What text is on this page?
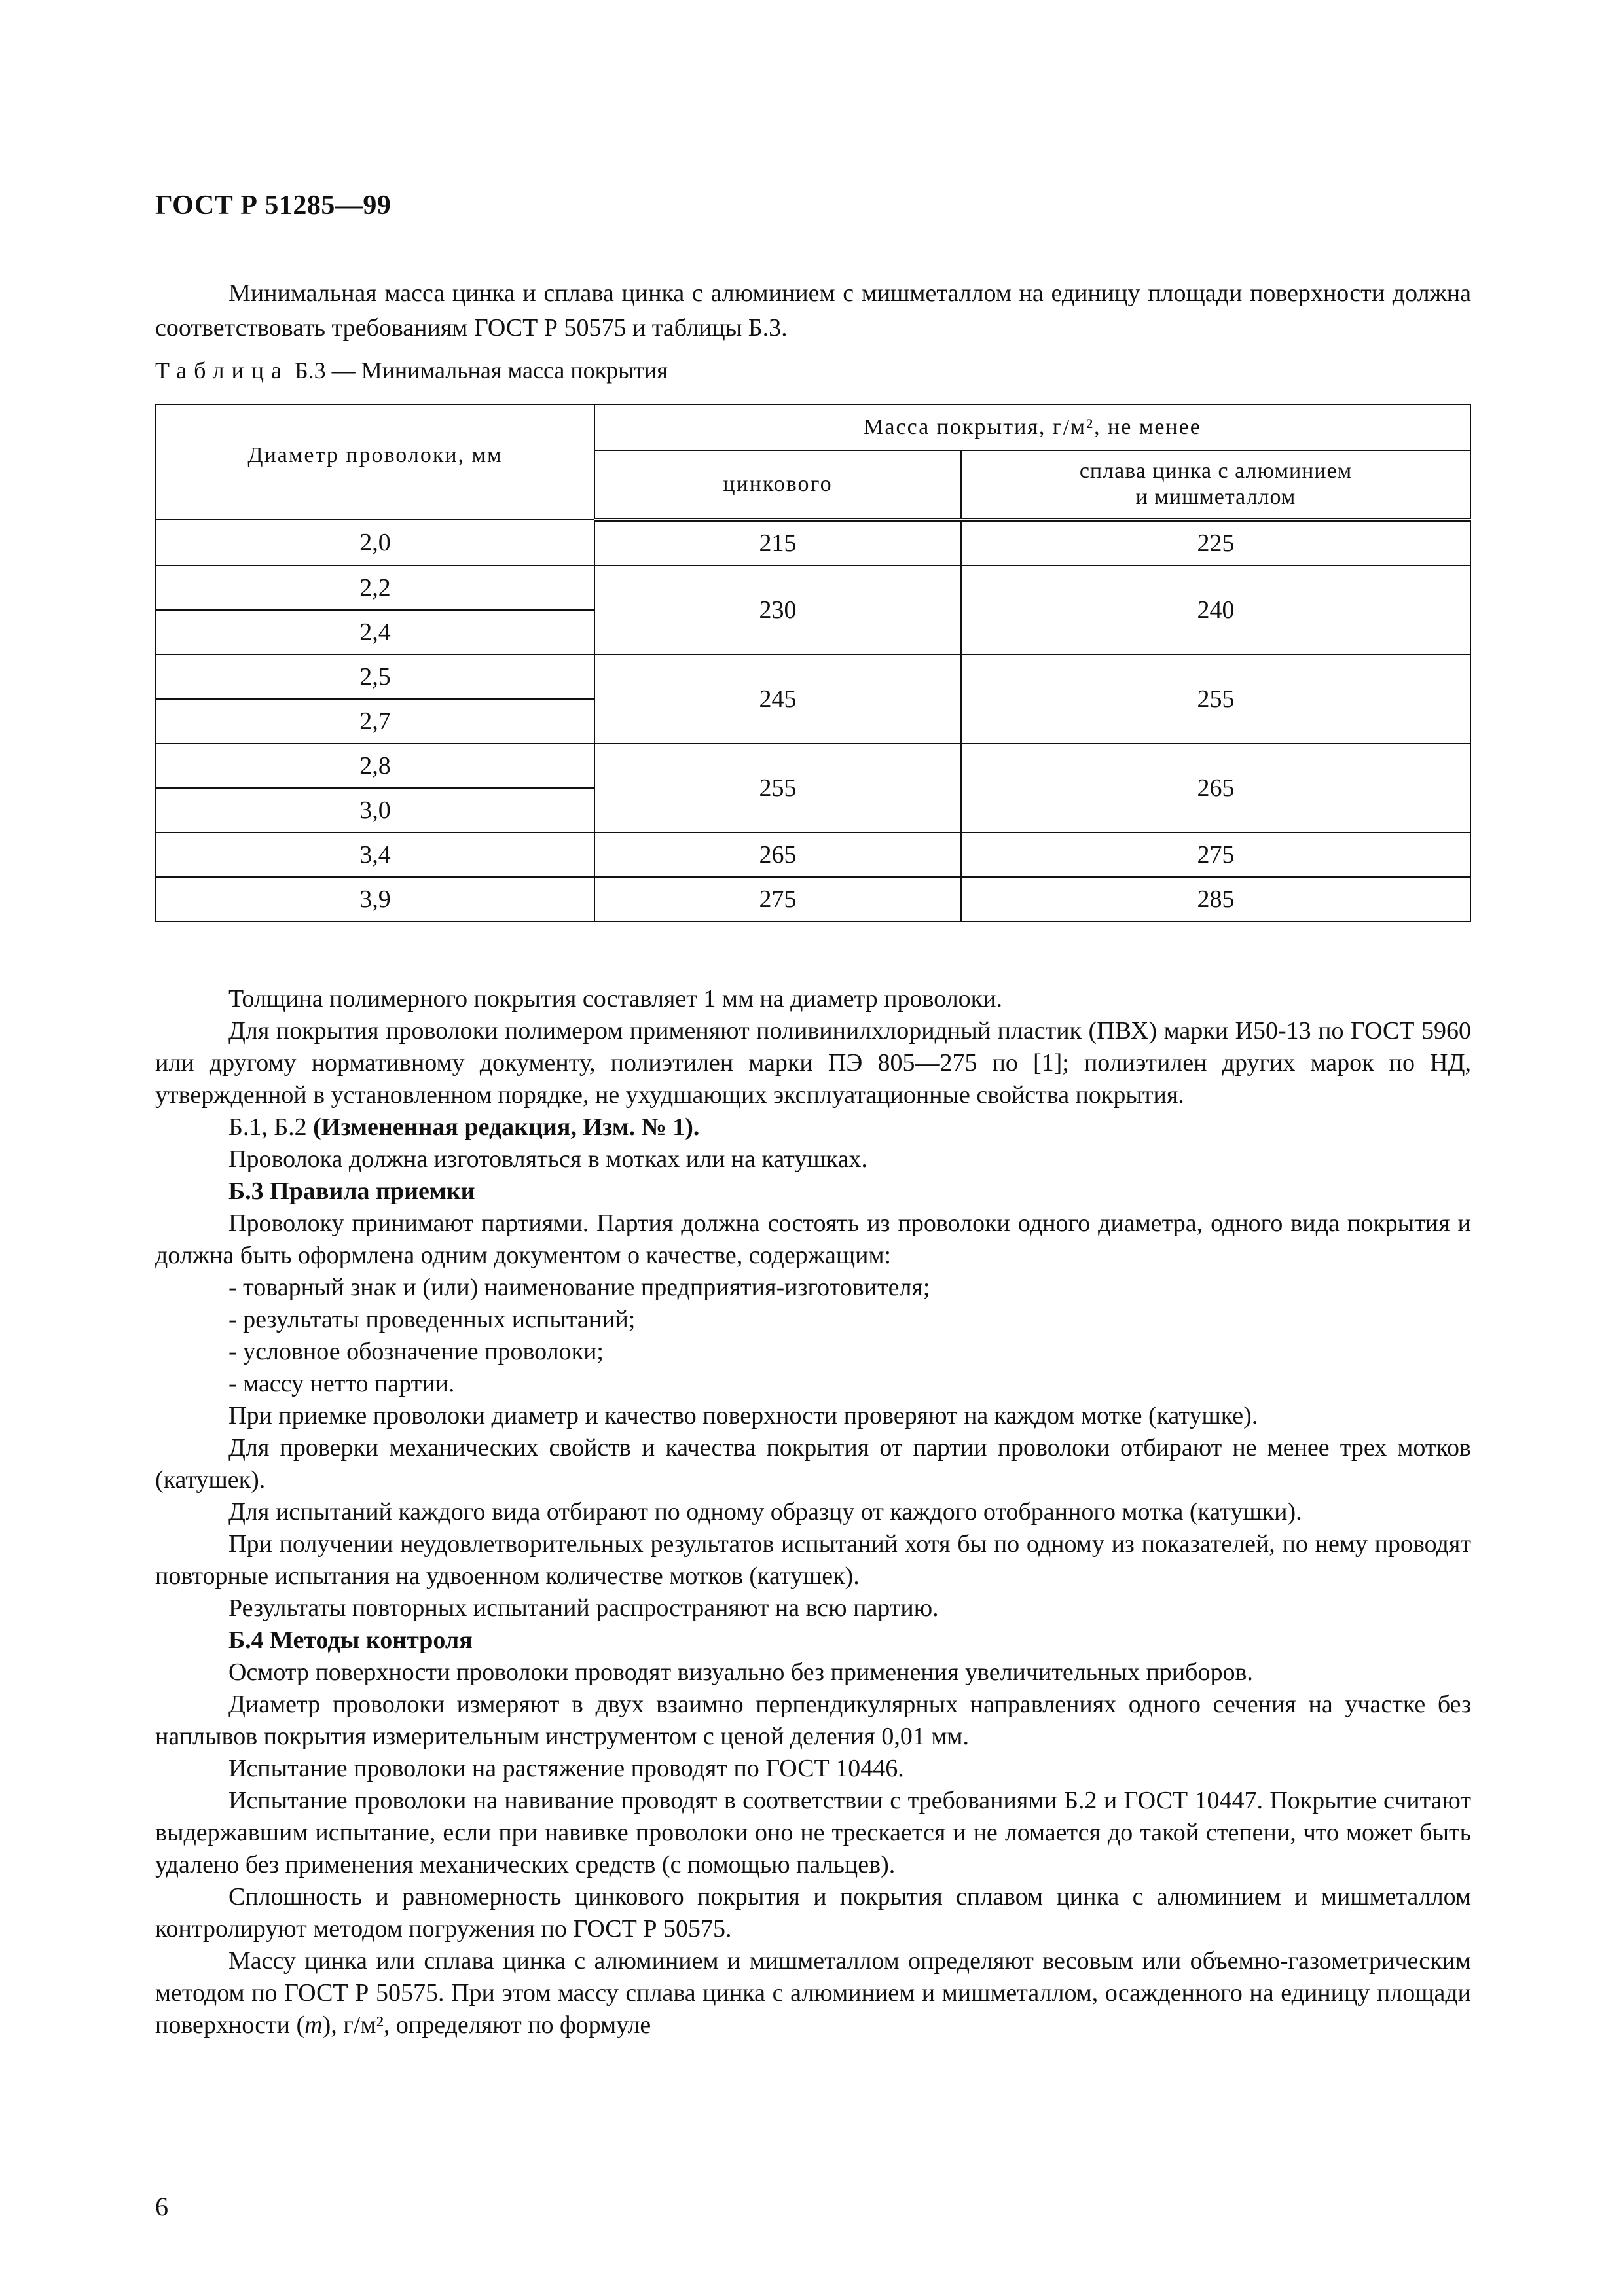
ГОСТ Р 51285—99

Минимальная масса цинка и сплава цинка с алюминием с мишметаллом на единицу площади поверхности должна соответствовать требованиям ГОСТ Р 50575 и таблицы Б.3.

Таблица Б.3 — Минимальная масса покрытия
Диаметр проволоки, мм	Масса покрытия, г/м², не менее	
	цинкового	сплава цинка с алюминием
и мишметаллом
2,0	215	225
2,2	230	240
2,4		
2,5	245	255
2,7		
2,8	255	265
3,0		
3,4	265	275
3,9	275	285

Толщина полимерного покрытия составляет 1 мм на диаметр проволоки.

Для покрытия проволоки полимером применяют поливинилхлоридный пластик (ПВХ) марки И50-13 по ГОСТ 5960 или другому нормативному документу, полиэтилен марки ПЭ 805—275 по [1]; полиэтилен других марок по НД, утвержденной в установленном порядке, не ухудшающих эксплуатационные свойства покрытия.

Б.1, Б.2 (Измененная редакция, Изм. № 1).

Проволока должна изготовляться в мотках или на катушках.

Б.3 Правила приемки

Проволоку принимают партиями. Партия должна состоять из проволоки одного диаметра, одного вида покрытия и должна быть оформлена одним документом о качестве, содержащим:

- товарный знак и (или) наименование предприятия-изготовителя;

- результаты проведенных испытаний;

- условное обозначение проволоки;

- массу нетто партии.

При приемке проволоки диаметр и качество поверхности проверяют на каждом мотке (катушке).

Для проверки механических свойств и качества покрытия от партии проволоки отбирают не менее трех мотков (катушек).

Для испытаний каждого вида отбирают по одному образцу от каждого отобранного мотка (катушки).

При получении неудовлетворительных результатов испытаний хотя бы по одному из показателей, по нему проводят повторные испытания на удвоенном количестве мотков (катушек).

Результаты повторных испытаний распространяют на всю партию.

Б.4 Методы контроля

Осмотр поверхности проволоки проводят визуально без применения увеличительных приборов.

Диаметр проволоки измеряют в двух взаимно перпендикулярных направлениях одного сечения на участке без наплывов покрытия измерительным инструментом с ценой деления 0,01 мм.

Испытание проволоки на растяжение проводят по ГОСТ 10446.

Испытание проволоки на навивание проводят в соответствии с требованиями Б.2 и ГОСТ 10447. Покрытие считают выдержавшим испытание, если при навивке проволоки оно не трескается и не ломается до такой степени, что может быть удалено без применения механических средств (с помощью пальцев).

Сплошность и равномерность цинкового покрытия и покрытия сплавом цинка с алюминием и мишметаллом контролируют методом погружения по ГОСТ Р 50575.

Массу цинка или сплава цинка с алюминием и мишметаллом определяют весовым или объемно-газометрическим методом по ГОСТ Р 50575. При этом массу сплава цинка с алюминием и мишметаллом, осажденного на единицу площади поверхности (m), г/м², определяют по формуле

6
